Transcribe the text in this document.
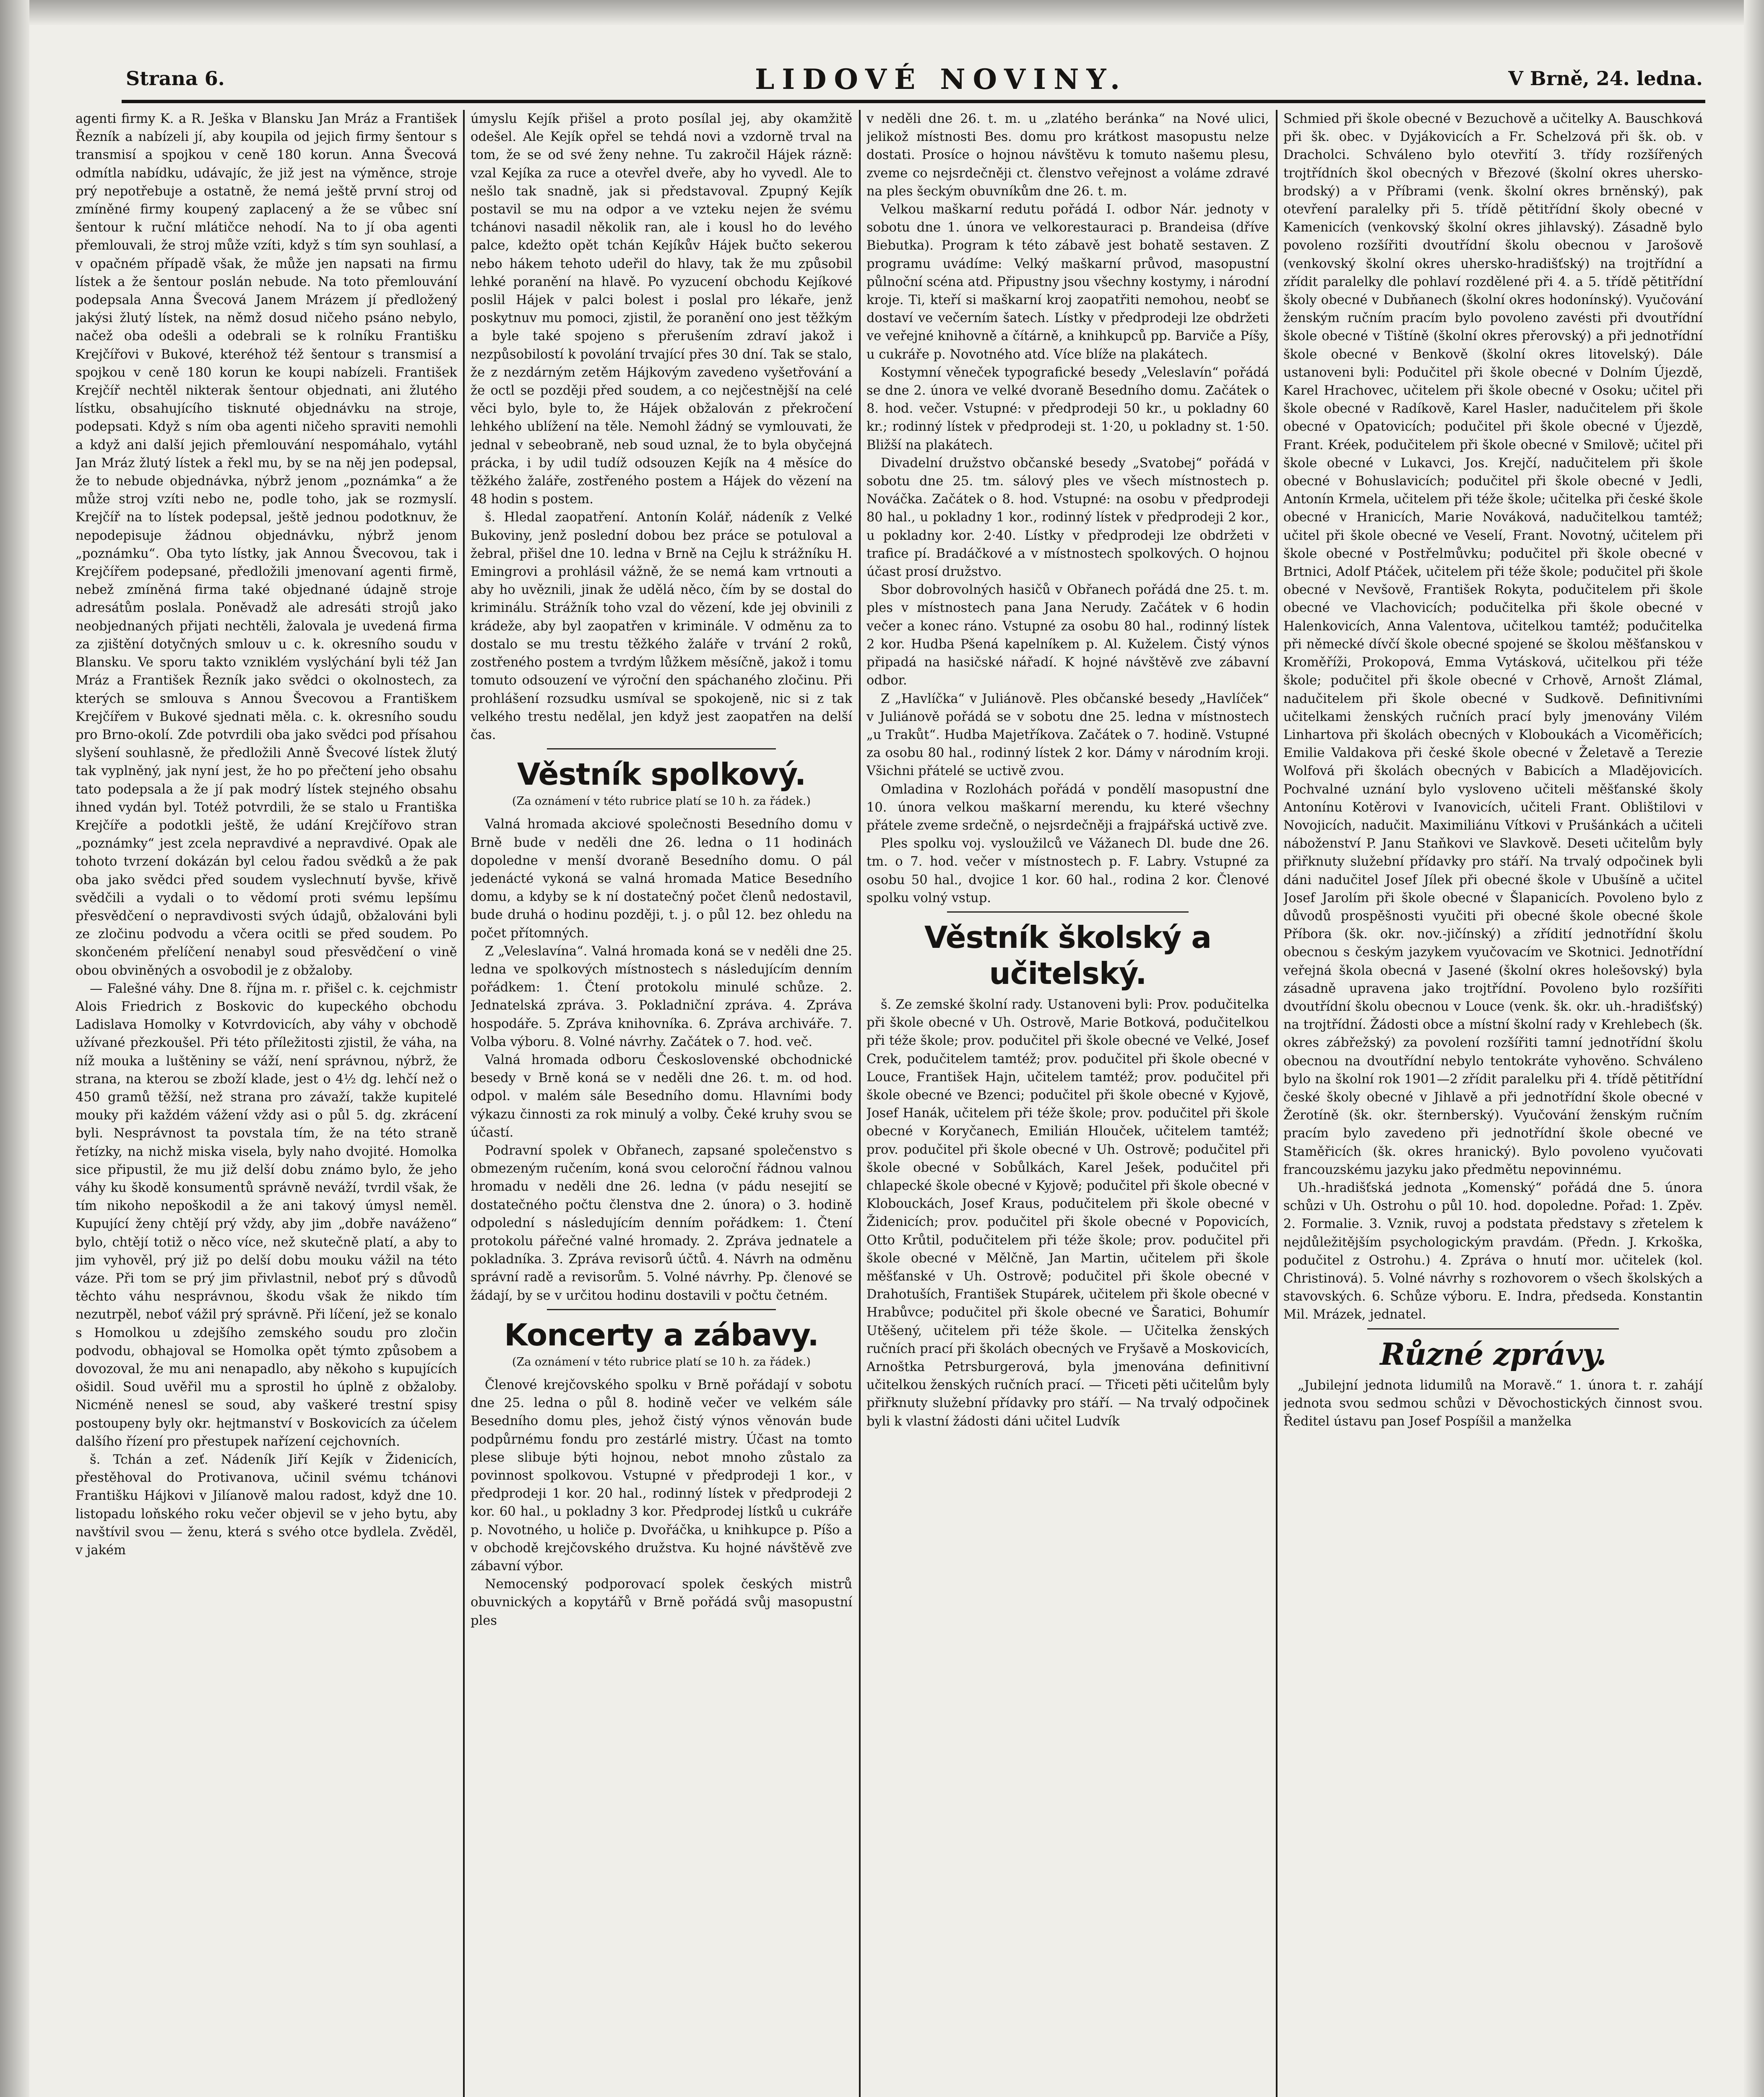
Strana 6.	LIDOVÉ NOVINY.	V Brně, 24. ledna.

agenti firmy K. a R. Ješka v Blansku Jan Mráz a František Řezník a nabízeli jí, aby koupila od jejich firmy šentour s transmisí a spojkou v ceně 180 korun. Anna Švecová odmítla nabídku, udávajíc, že již jest na výměnce, stroje prý nepotřebuje a ostatně, že nemá ještě první stroj od zmíněné firmy koupený zaplacený a že se vůbec sní šentour k ruční mlátičce nehodí. Na to jí oba agenti přemlouvali, že stroj může vzíti, když s tím syn souhlasí, a v opačném případě však, že může jen napsati na firmu lístek a že šentour poslán nebude. Na toto přemlouvání podepsala Anna Švecová Janem Mrázem jí předložený jakýsi žlutý lístek, na němž dosud ničeho psáno nebylo, načež oba odešli a odebrali se k rolníku Františku Krejčířovi v Bukové, kteréhož též šentour s transmisí a spojkou v ceně 180 korun ke koupi nabízeli. František Krejčíř nechtěl nikterak šentour objednati, ani žlutého lístku, obsahujícího tisknuté objednávku na stroje, podepsati. Když s ním oba agenti ničeho spraviti nemohli a když ani další jejich přemlouvání nespomáhalo, vytáhl Jan Mráz žlutý lístek a řekl mu, by se na něj jen podepsal, že to nebude objednávka, nýbrž jenom „poznámka“ a že může stroj vzíti nebo ne, podle toho, jak se rozmyslí. Krejčíř na to lístek podepsal, ještě jednou podotknuv, že nepodepisuje žádnou objednávku, nýbrž jenom „poznámku“. Oba tyto lístky, jak Annou Švecovou, tak i Krejčířem podepsané, předložili jmenovaní agenti firmě, nebež zmíněná firma také objednané údajně stroje adresátům poslala. Poněvadž ale adresáti strojů jako neobjednaných přijati nechtěli, žalovala je uvedená firma za zjištění dotyčných smlouv u c. k. okresního soudu v Blansku. Ve sporu takto vzniklém vyslýchání byli též Jan Mráz a František Řezník jako svědci o okolnostech, za kterých se smlouva s Annou Švecovou a Františkem Krejčířem v Bukové sjednati měla. c. k. okresního soudu pro Brno-okolí. Zde potvrdili oba jako svědci pod přísahou slyšení souhlasně, že předložili Anně Švecové lístek žlutý tak vyplněný, jak nyní jest, že ho po přečtení jeho obsahu tato podepsala a že jí pak modrý lístek stejného obsahu ihned vydán byl. Totéž potvrdili, že se stalo u Františka Krejčíře a podotkli ještě, že udání Krejčířovo stran „poznámky“ jest zcela nepravdivé a nepravdivé. Opak ale tohoto tvrzení dokázán byl celou řadou svědků a že pak oba jako svědci před soudem vyslechnutí byvše, křivě svědčili a vydali o to vědomí proti svému lepšímu přesvědčení o nepravdivosti svých údajů, obžalováni byli ze zločinu podvodu a včera ocitli se před soudem. Po skončeném přelíčení nenabyl soud přesvědčení o vině obou obviněných a osvobodil je z obžaloby.

— Falešné váhy. Dne 8. října m. r. přišel c. k. cejchmistr Alois Friedrich z Boskovic do kupeckého obchodu Ladislava Homolky v Kotvrdovicích, aby váhy v obchodě užívané přezkoušel. Při této příležitosti zjistil, že váha, na níž mouka a luštěniny se váží, není správnou, nýbrž, že strana, na kterou se zboží klade, jest o 4½ dg. lehčí než o 450 gramů těžší, než strana pro závaží, takže kupitelé mouky při každém vážení vždy asi o půl 5. dg. zkrácení byli. Nesprávnost ta povstala tím, že na této straně řetízky, na nichž miska visela, byly naho dvojité. Homolka sice připustil, že mu již delší dobu známo bylo, že jeho váhy ku škodě konsumentů správně neváží, tvrdil však, že tím nikoho nepoškodil a že ani takový úmysl neměl. Kupující ženy chtějí prý vždy, aby jim „dobře naváženo“ bylo, chtějí totiž o něco více, než skutečně platí, a aby to jim vyhověl, prý již po delší dobu mouku vážil na této váze. Při tom se prý jim přivlastnil, neboť prý s důvodů těchto váhu nesprávnou, škodu však že nikdo tím nezutrpěl, neboť vážil prý správně. Při líčení, jež se konalo s Homolkou u zdejšího zemského soudu pro zločin podvodu, obhajoval se Homolka opět týmto způsobem a dovozoval, že mu ani nenapadlo, aby někoho s kupujících ošidil. Soud uvěřil mu a sprostil ho úplně z obžaloby. Nicméně nenesl se soud, aby vaškeré trestní spisy postoupeny byly okr. hejtmanství v Boskovicích za účelem dalšího řízení pro přestupek nařízení cejchovních.

š. Tchán a zeť. Nádeník Jiří Kejík v Židenicích, přestěhoval do Protivanova, učinil svému tchánovi Františku Hájkovi v Jilíanově malou radost, když dne 10. listopadu loňského roku večer objevil se v jeho bytu, aby navštívil svou — ženu, která s svého otce bydlela. Zvěděl, v jakém

úmyslu Kejík přišel a proto posílal jej, aby okamžitě odešel. Ale Kejík opřel se tehdá novi a vzdorně trval na tom, že se od své ženy nehne. Tu zakročil Hájek rázně: vzal Kejíka za ruce a otevřel dveře, aby ho vyvedl. Ale to nešlo tak snadně, jak si představoval. Zpupný Kejík postavil se mu na odpor a ve vzteku nejen že svému tchánovi nasadil několik ran, ale i kousl ho do levého palce, kdežto opět tchán Kejíkův Hájek bučto sekerou nebo hákem tehoto udeřil do hlavy, tak že mu způsobil lehké poranění na hlavě. Po vyzucení obchodu Kejíkové poslil Hájek v palci bolest i poslal pro lékaře, jenž poskytnuv mu pomoci, zjistil, že poranění ono jest těžkým a byle také spojeno s přerušením zdraví jakož i nezpůsobilostí k povolání trvající přes 30 dní. Tak se stalo, že z nezdárným zetěm Hájkovým zavedeno vyšetřování a že octl se později před soudem, a co nejčestnější na celé věci bylo, byle to, že Hájek obžalován z překročení lehkého ublížení na těle. Nemohl žádný se vymlouvati, že jednal v sebeobraně, neb soud uznal, že to byla obyčejná prácka, i by udil tudíž odsouzen Kejík na 4 měsíce do těžkého žaláře, zostřeného postem a Hájek do vězení na 48 hodin s postem.

š. Hledal zaopatření. Antonín Kolář, nádeník z Velké Bukoviny, jenž poslední dobou bez práce se potuloval a žebral, přišel dne 10. ledna v Brně na Cejlu k strážníku H. Emingrovi a prohlásil vážně, že se nemá kam vrtnouti a aby ho uvěznili, jinak že udělá něco, čím by se dostal do kriminálu. Strážník toho vzal do vězení, kde jej obvinili z krádeže, aby byl zaopatřen v kriminále. V odměnu za to dostalo se mu trestu těžkého žaláře v trvání 2 roků, zostřeného postem a tvrdým lůžkem měsíčně, jakož i tomu tomuto odsouzení ve výroční den spáchaného zločinu. Při prohlášení rozsudku usmíval se spokojeně, nic si z tak velkého trestu nedělal, jen když jest zaopatřen na delší čas.

Věstník spolkový.
(Za oznámení v této rubrice platí se 10 h. za řádek.)

Valná hromada akciové společnosti Besedního domu v Brně bude v neděli dne 26. ledna o 11 hodinách dopoledne v menší dvoraně Besedního domu. O pál jedenácté vykoná se valná hromada Matice Besedního domu, a kdyby se k ní dostatečný počet členů nedostavil, bude druhá o hodinu později, t. j. o půl 12. bez ohledu na počet přítomných.

Z „Veleslavína“. Valná hromada koná se v neděli dne 25. ledna ve spolkových místnostech s následujícím denním pořádkem: 1. Čtení protokolu minulé schůze. 2. Jednatelská zpráva. 3. Pokladniční zpráva. 4. Zpráva hospodáře. 5. Zpráva knihovníka. 6. Zpráva archiváře. 7. Volba výboru. 8. Volné návrhy. Začátek o 7. hod. več.

Valná hromada odboru Československé obchodnické besedy v Brně koná se v neděli dne 26. t. m. od hod. odpol. v malém sále Besedního domu. Hlavními body výkazu činnosti za rok minulý a volby. Čeké kruhy svou se účastí.

Podravní spolek v Obřanech, zapsané společenstvo s obmezeným ručením, koná svou celoroční řádnou valnou hromadu v neděli dne 26. ledna (v pádu nesejití se dostatečného počtu členstva dne 2. února) o 3. hodině odpolední s následujícím denním pořádkem: 1. Čtení protokolu pářečné valné hromady. 2. Zpráva jednatele a pokladníka. 3. Zpráva revisorů účtů. 4. Návrh na odměnu správní radě a revisorům. 5. Volné návrhy. Pp. členové se žádají, by se v určitou hodinu dostavili v počtu četném.

Koncerty a zábavy.
(Za oznámení v této rubrice platí se 10 h. za řádek.)

Členové krejčovského spolku v Brně pořádají v sobotu dne 25. ledna o půl 8. hodině večer ve velkém sále Besedního domu ples, jehož čistý výnos věnován bude podpůrnému fondu pro zestárlé mistry. Účast na tomto plese slibuje býti hojnou, nebot mnoho zůstalo za povinnost spolkovou. Vstupné v předprodeji 1 kor., v předprodeji 1 kor. 20 hal., rodinný lístek v předprodeji 2 kor. 60 hal., u pokladny 3 kor. Předprodej lístků u cukráře p. Novotného, u holiče p. Dvořáčka, u knihkupce p. Píšo a v obchodě krejčovského družstva. Ku hojné návštěvě zve zábavní výbor.

Nemocenský podporovací spolek českých mistrů obuvnických a kopytářů v Brně pořádá svůj masopustní ples

v neděli dne 26. t. m. u „zlatého beránka“ na Nové ulici, jelikož místnosti Bes. domu pro krátkost masopustu nelze dostati. Prosíce o hojnou návštěvu k tomuto našemu plesu, zveme co nejsrdečněji ct. členstvo veřejnost a voláme zdravé na ples šeckým obuvníkům dne 26. t. m.

Velkou maškarní redutu pořádá I. odbor Nár. jednoty v sobotu dne 1. února ve velkorestauraci p. Brandeisa (dříve Biebutka). Program k této zábavě jest bohatě sestaven. Z programu uvádíme: Velký maškarní průvod, masopustní půlnoční scéna atd. Připustny jsou všechny kostymy, i národní kroje. Ti, kteří si maškarní kroj zaopatřiti nemohou, neobť se dostaví ve večerním šatech. Lístky v předprodeji lze obdržeti ve veřejné knihovně a čítárně, a knihkupců pp. Barviče a Píšy, u cukráře p. Novotného atd. Více blíže na plakátech.

Kostymní věneček typografické besedy „Veleslavín“ pořádá se dne 2. února ve velké dvoraně Besedního domu. Začátek o 8. hod. večer. Vstupné: v předprodeji 50 kr., u pokladny 60 kr.; rodinný lístek v předprodeji st. 1·20, u pokladny st. 1·50. Bližší na plakátech.

Divadelní družstvo občanské besedy „Svatobej“ pořádá v sobotu dne 25. tm. sálový ples ve všech místnostech p. Nováčka. Začátek o 8. hod. Vstupné: na osobu v předprodeji 80 hal., u pokladny 1 kor., rodinný lístek v předprodeji 2 kor., u pokladny kor. 2·40. Lístky v předprodeji lze obdržeti v trafice pí. Bradáčkové a v místnostech spolkových. O hojnou účast prosí družstvo.

Sbor dobrovolných hasičů v Obřanech pořádá dne 25. t. m. ples v místnostech pana Jana Nerudy. Začátek v 6 hodin večer a konec ráno. Vstupné za osobu 80 hal., rodinný lístek 2 kor. Hudba Pšená kapelníkem p. Al. Kuželem. Čistý výnos připadá na hasičské nářadí. K hojné návštěvě zve zábavní odbor.

Z „Havlíčka“ v Juliánově. Ples občanské besedy „Havlíček“ v Juliánově pořádá se v sobotu dne 25. ledna v místnostech „u Trakůt“. Hudba Majetříkova. Začátek o 7. hodině. Vstupné za osobu 80 hal., rodinný lístek 2 kor. Dámy v národním kroji. Všichni přátelé se uctivě zvou.

Omladina v Rozlohách pořádá v pondělí masopustní dne 10. února velkou maškarní merendu, ku které všechny přátele zveme srdečně, o nejsrdečněji a frajpářská uctivě zve.

Ples spolku voj. vysloužilců ve Vážanech Dl. bude dne 26. tm. o 7. hod. večer v místnostech p. F. Labry. Vstupné za osobu 50 hal., dvojice 1 kor. 60 hal., rodina 2 kor. Členové spolku volný vstup.

Věstník školský a učitelský.

š. Ze zemské školní rady. Ustanoveni byli: Prov. podučitelka při škole obecné v Uh. Ostrově, Marie Botková, podučitelkou při téže škole; prov. podučitel při škole obecné ve Velké, Josef Crek, podučitelem tamtéž; prov. podučitel při škole obecné v Louce, František Hajn, učitelem tamtéž; prov. podučitel při škole obecné ve Bzenci; podučitel při škole obecné v Kyjově, Josef Hanák, učitelem při téže škole; prov. podučitel při škole obecné v Koryčanech, Emilián Hlouček, učitelem tamtéž; prov. podučitel při škole obecné v Uh. Ostrově; podučitel při škole obecné v Sobůlkách, Karel Ješek, podučitel při chlapecké škole obecné v Kyjově; podučitel při škole obecné v Klobouckách, Josef Kraus, podučitelem při škole obecné v Židenicích; prov. podučitel při škole obecné v Popovicích, Otto Krůtil, podučitelem při téže škole; prov. podučitel při škole obecné v Mělčně, Jan Martin, učitelem při škole měšťanské v Uh. Ostrově; podučitel při škole obecné v Drahotuších, František Stupárek, učitelem při škole obecné v Hrabůvce; podučitel při škole obecné ve Šaratici, Bohumír Utěšený, učitelem při téže škole. — Učitelka ženských ručních prací při školách obecných ve Fryšavě a Moskovicích, Arnoštka Petrsburgerová, byla jmenována definitivní učitelkou ženských ručních prací. — Třiceti pěti učitelům byly přiřknuty služební přídavky pro stáří. — Na trvalý odpočinek byli k vlastní žádosti dáni učitel Ludvík

Schmied při škole obecné v Bezuchově a učitelky A. Bauschková při šk. obec. v Dyjákovicích a Fr. Schelzová při šk. ob. v Dracholci. Schváleno bylo otevřití 3. třídy rozšířených trojtřídních škol obecných v Březové (školní okres uhersko-brodský) a v Příbrami (venk. školní okres brněnský), pak otevření paralelky při 5. třídě pětitřídní školy obecné v Kamenicích (venkovský školní okres jihlavský). Zásadně bylo povoleno rozšířiti dvoutřídní školu obecnou v Jarošově (venkovský školní okres uhersko-hradišťský) na trojtřídní a zřídit paralelky dle pohlaví rozdělené při 4. a 5. třídě pětitřídní školy obecné v Dubňanech (školní okres hodonínský). Vyučování ženským ručním pracím bylo povoleno zavésti při dvoutřídní škole obecné v Tištíně (školní okres přerovský) a při jednotřídní škole obecné v Benkově (školní okres litovelský). Dále ustanoveni byli: Podučitel při škole obecné v Dolním Újezdě, Karel Hrachovec, učitelem při škole obecné v Osoku; učitel při škole obecné v Radíkově, Karel Hasler, nadučitelem při škole obecné v Opatovicích; podučitel při škole obecné v Újezdě, Frant. Kréek, podučitelem při škole obecné v Smilově; učitel při škole obecné v Lukavci, Jos. Krejčí, nadučitelem při škole obecné v Bohuslavicích; podučitel při škole obecné v Jedli, Antonín Krmela, učitelem při téže škole; učitelka při české škole obecné v Hranicích, Marie Nováková, nadučitelkou tamtéž; učitel při škole obecné ve Veselí, Frant. Novotný, učitelem při škole obecné v Postřelmůvku; podučitel při škole obecné v Brtnici, Adolf Ptáček, učitelem při téže škole; podučitel při škole obecné v Nevšově, František Rokyta, podučitelem při škole obecné ve Vlachovicích; podučitelka při škole obecné v Halenkovicích, Anna Valentova, učitelkou tamtéž; podučitelka při německé dívčí škole obecné spojené se školou měšťanskou v Kroměříži, Prokopová, Emma Vytásková, učitelkou při téže škole; podučitel při škole obecné v Crhově, Arnošt Zlámal, nadučitelem při škole obecné v Sudkově. Definitivními učitelkami ženských ručních prací byly jmenovány Vilém Linhartova při školách obecných v Kloboukách a Vicoměřicích; Emilie Valdakova při české škole obecné v Želetavě a Terezie Wolfová při školách obecných v Babicích a Mladějovicích. Pochvalné uznání bylo vysloveno učiteli měšťanské školy Antonínu Kotěrovi v Ivanovicích, učiteli Frant. Oblištilovi v Novojicích, nadučit. Maximiliánu Vítkovi v Prušánkách a učiteli náboženství P. Janu Staňkovi ve Slavkově. Deseti učitelům byly přiřknuty služební přídavky pro stáří. Na trvalý odpočinek byli dáni nadučitel Josef Jílek při obecné škole v Ubušíně a učitel Josef Jarolím při škole obecné v Šlapanicích. Povoleno bylo z důvodů prospěšnosti vyučiti při obecné škole obecné škole Příbora (šk. okr. nov.-jičínský) a zřídití jednotřídní školu obecnou s českým jazykem vyučovacím ve Skotnici. Jednotřídní veřejná škola obecná v Jasené (školní okres holešovský) byla zásadně upravena jako trojtřídní. Povoleno bylo rozšířiti dvoutřídní školu obecnou v Louce (venk. šk. okr. uh.-hradišťský) na trojtřídní. Žádosti obce a místní školní rady v Krehlebech (šk. okres zábřežský) za povolení rozšířiti tamní jednotřídní školu obecnou na dvoutřídní nebylo tentokráte vyhověno. Schváleno bylo na školní rok 1901—2 zřídit paralelku při 4. třídě pětitřídní české školy obecné v Jihlavě a při jednotřídní škole obecné v Žerotíně (šk. okr. šternberský). Vyučování ženským ručním pracím bylo zavedeno při jednotřídní škole obecné ve Staměřicích (šk. okres hranický). Bylo povoleno vyučovati francouzskému jazyku jako předmětu nepovinnému.

Uh.-hradišťská jednota „Komenský“ pořádá dne 5. února schůzi v Uh. Ostrohu o půl 10. hod. dopoledne. Pořad: 1. Zpěv. 2. Formalie. 3. Vznik, ruvoj a podstata představy s zřetelem k nejdůležitějším psychologickým pravdám. (Předn. J. Krkoška, podučitel z Ostrohu.) 4. Zpráva o hnutí mor. učitelek (kol. Christinová). 5. Volné návrhy s rozhovorem o všech školských a stavovských. 6. Schůze výboru. E. Indra, předseda. Konstantin Mil. Mrázek, jednatel.

Různé zprávy.

„Jubilejní jednota lidumilů na Moravě.“ 1. února t. r. zahájí jednota svou sedmou schůzi v Děvochostických činnost svou. Ředitel ústavu pan Josef Pospíšil a manželka
